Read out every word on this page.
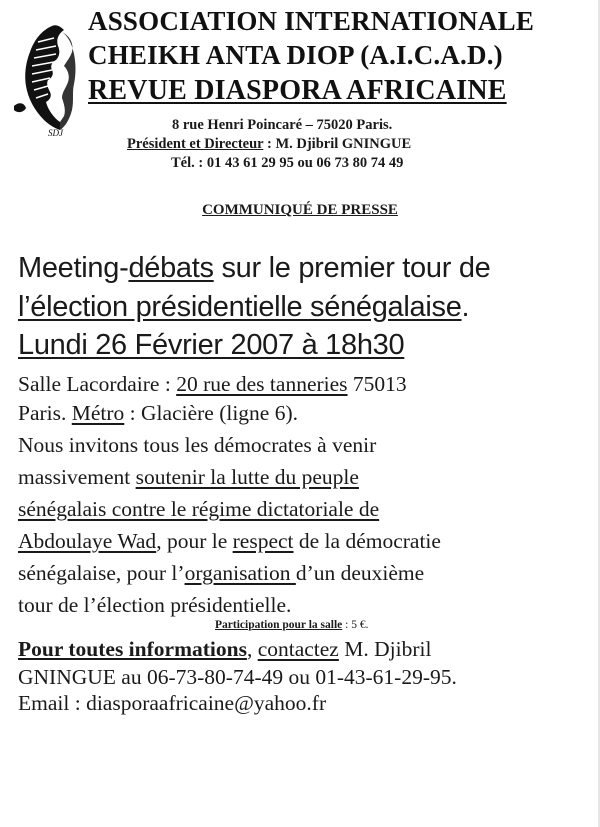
SDJ
ASSOCIATION INTERNATIONALE
CHEIKH ANTA DIOP (A.I.C.A.D.)
REVUE DIASPORA AFRICAINE
8 rue Henri Poincaré – 75020 Paris.
Président et Directeur : M. Djibril GNINGUE
Tél. : 01 43 61 29 95 ou 06 73 80 74 49
COMMUNIQUÉ DE PRESSE
Meeting-débats sur le premier tour de
l’élection présidentielle sénégalaise.
Lundi 26 Février 2007 à 18h30
Salle Lacordaire : 20 rue des tanneries 75013
Paris. Métro : Glacière (ligne 6).
Nous invitons tous les démocrates à venir
massivement soutenir la lutte du peuple
sénégalais contre le régime dictatoriale de
Abdoulaye Wad, pour le respect de la démocratie
sénégalaise, pour l’organisation d’un deuxième
tour de l’élection présidentielle.
Participation pour la salle : 5 €.
Pour toutes informations, contactez M. Djibril
GNINGUE au 06-73-80-74-49 ou 01-43-61-29-95.
Email : diasporaafricaine@yahoo.fr
